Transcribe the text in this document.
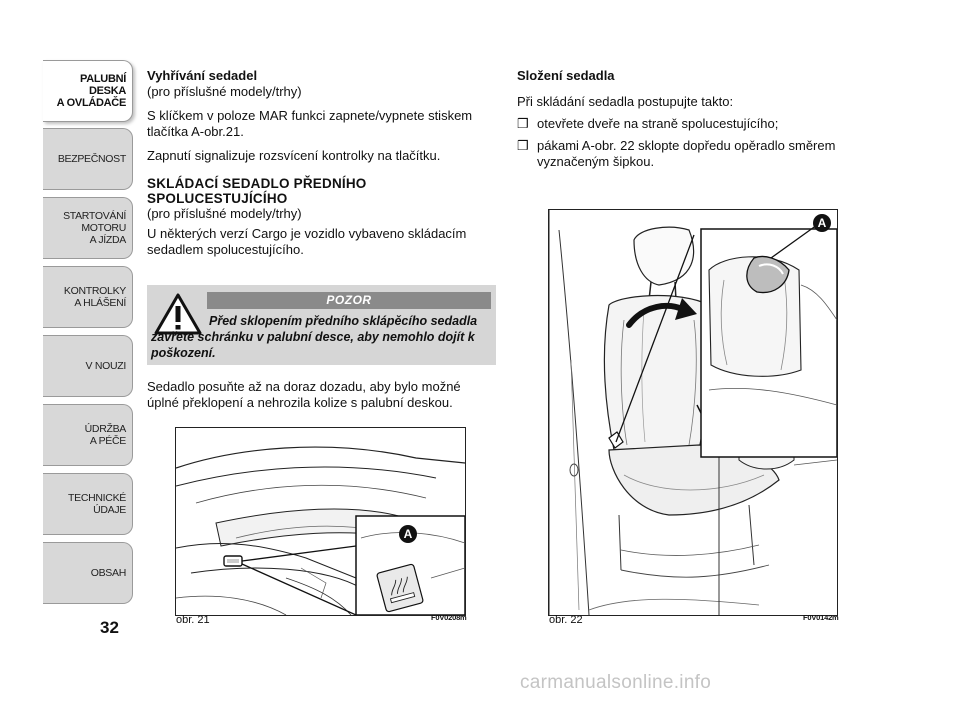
PALUBNÍ DESKA
A OVLÁDAČE
BEZPEČNOST
STARTOVÁNÍ
MOTORU
A JÍZDA
KONTROLKY
A HLÁŠENÍ
V NOUZI
ÚDRŽBA
A PÉČE
TECHNICKÉ
ÚDAJE
OBSAH
32
Vyhřívání sedadel
(pro příslušné modely/trhy)
S klíčkem v poloze MAR funkci zapnete/vypnete stiskem tlačítka A-obr.21.
Zapnutí signalizuje rozsvícení kontrolky na tlačítku.
SKLÁDACÍ SEDADLO PŘEDNÍHO SPOLUCESTUJÍCÍHO
(pro příslušné modely/trhy)
U některých verzí Cargo je vozidlo vybaveno skládacím sedadlem spolucestujícího.
POZOR
Před sklopením předního sklápěcího sedadla zavřete schránku v palubní desce, aby nemohlo dojít k poškození.
Sedadlo posuňte až na doraz dozadu, aby bylo možné úplné překlopení a nehrozila kolize s palubní deskou.
A
obr. 21	F0V0208m
Složení sedadla
Při skládání sedadla postupujte takto:
❒ otevřete dveře na straně spolucestujícího;
❒ pákami A-obr. 22 sklopte dopředu opěradlo směrem vyznačeným šipkou.
A
obr. 22	F0V0142m
carmanualsonline.info
